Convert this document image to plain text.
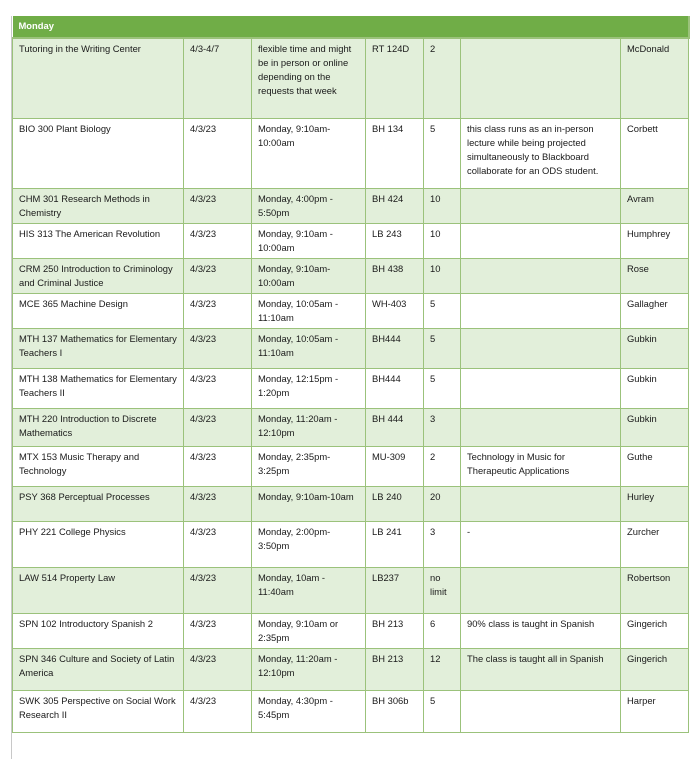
Monday						
Tutoring in the Writing Center	4/3-4/7	flexible time and might be in person or online depending on the requests that week	RT 124D	2		McDonald
BIO 300 Plant Biology	4/3/23	Monday, 9:10am-10:00am	BH 134	5	this class runs as an in-person lecture while being projected simultaneously to Blackboard collaborate for an ODS student.	Corbett
CHM 301 Research Methods in Chemistry	4/3/23	Monday, 4:00pm - 5:50pm	BH 424	10		Avram
HIS 313 The American Revolution	4/3/23	Monday, 9:10am - 10:00am	LB 243	10		Humphrey
CRM 250 Introduction to Criminology and Criminal Justice	4/3/23	Monday, 9:10am-10:00am	BH 438	10		Rose
MCE 365 Machine Design	4/3/23	Monday, 10:05am - 11:10am	WH-403	5		Gallagher
MTH 137 Mathematics for Elementary Teachers I	4/3/23	Monday, 10:05am - 11:10am	BH444	5		Gubkin
MTH 138 Mathematics for Elementary Teachers II	4/3/23	Monday, 12:15pm - 1:20pm	BH444	5		Gubkin
MTH 220 Introduction to Discrete Mathematics	4/3/23	Monday, 11:20am - 12:10pm	BH 444	3		Gubkin
MTX 153 Music Therapy and Technology	4/3/23	Monday, 2:35pm-3:25pm	MU-309	2	Technology in Music for Therapeutic Applications	Guthe
PSY 368 Perceptual Processes	4/3/23	Monday, 9:10am-10am	LB 240	20		Hurley
PHY 221 College Physics	4/3/23	Monday, 2:00pm-3:50pm	LB 241	3	-	Zurcher
LAW 514 Property Law	4/3/23	Monday, 10am - 11:40am	LB237	no limit		Robertson
SPN 102 Introductory Spanish 2	4/3/23	Monday, 9:10am or 2:35pm	BH 213	6	90% class is taught in Spanish	Gingerich
SPN 346 Culture and Society of Latin America	4/3/23	Monday, 11:20am - 12:10pm	BH 213	12	The class is taught all in Spanish	Gingerich
SWK 305 Perspective on Social Work Research II	4/3/23	Monday, 4:30pm - 5:45pm	BH 306b	5		Harper
